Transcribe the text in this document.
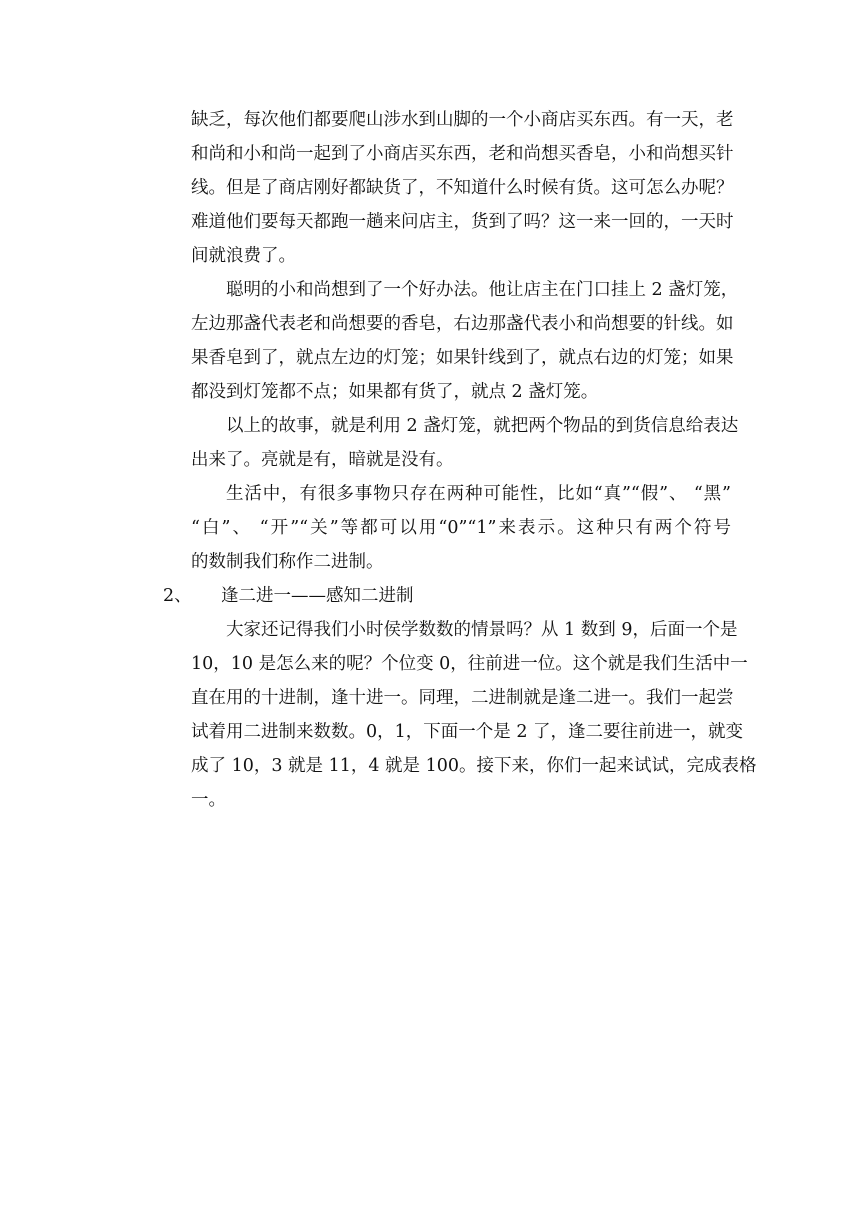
缺乏，每次他们都要爬山涉水到山脚的一个小商店买东西。有一天，老
和尚和小和尚一起到了小商店买东西，老和尚想买香皂，小和尚想买针
线。但是了商店刚好都缺货了，不知道什么时候有货。这可怎么办呢？
难道他们要每天都跑一趟来问店主，货到了吗？这一来一回的，一天时
间就浪费了。
聪明的小和尚想到了一个好办法。他让店主在门口挂上 2 盏灯笼，
左边那盏代表老和尚想要的香皂，右边那盏代表小和尚想要的针线。如
果香皂到了，就点左边的灯笼；如果针线到了，就点右边的灯笼；如果
都没到灯笼都不点；如果都有货了，就点 2 盏灯笼。
以上的故事，就是利用 2 盏灯笼，就把两个物品的到货信息给表达
出来了。亮就是有，暗就是没有。
生活中，有很多事物只存在两种可能性，比如“真”“假”、 “黑”
“白”、 “开”“关”等都可以用“0”“1”来表示。这种只有两个符号
的数制我们称作二进制。
2、 逢二进一——感知二进制
大家还记得我们小时侯学数数的情景吗？从 1 数到 9，后面一个是
10，10 是怎么来的呢？个位变 0，往前进一位。这个就是我们生活中一
直在用的十进制，逢十进一。同理，二进制就是逢二进一。我们一起尝
试着用二进制来数数。0，1，下面一个是 2 了，逢二要往前进一，就变
成了 10，3 就是 11，4 就是 100。接下来，你们一起来试试，完成表格
一。
